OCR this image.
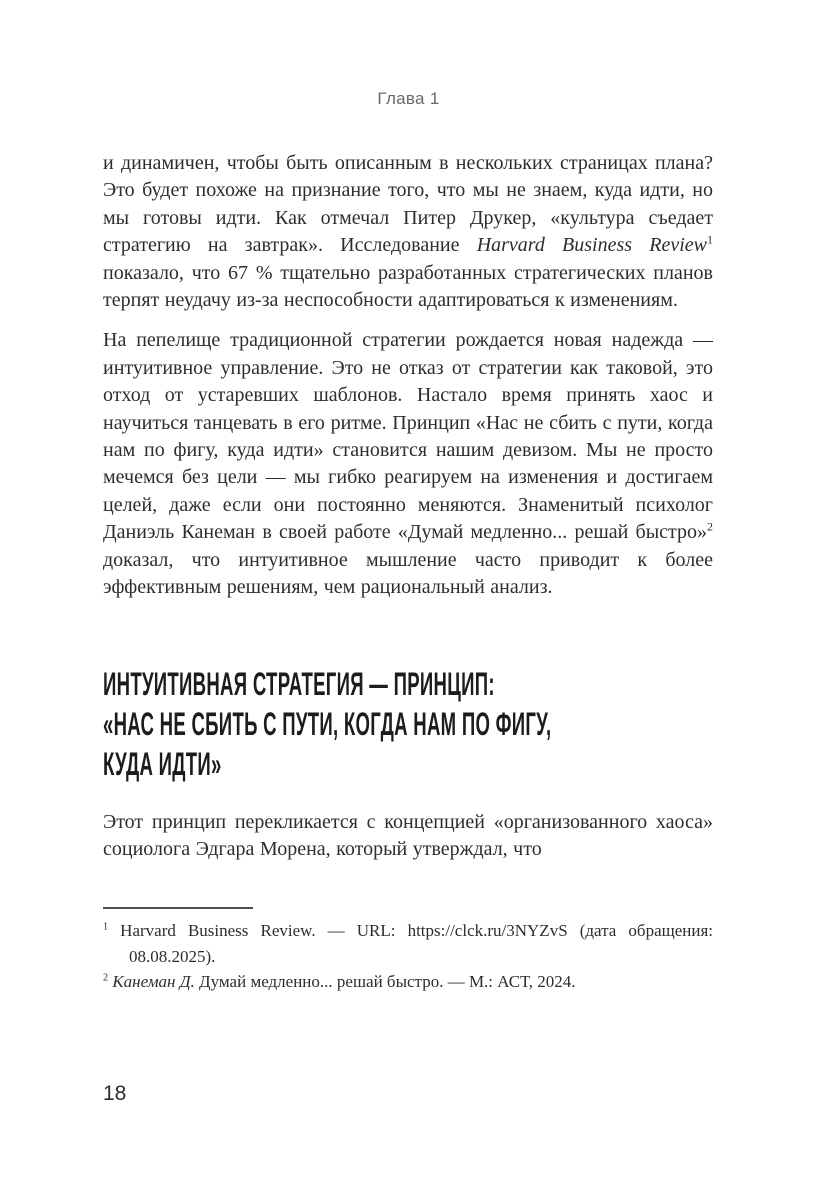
Глава 1

и динамичен, чтобы быть описанным в нескольких страницах плана? Это будет похоже на признание того, что мы не знаем, куда идти, но мы готовы идти. Как отмечал Питер Друкер, «культура съедает стратегию на завтрак». Исследование Harvard Business Review$^1$ показало, что 67 % тщательно разработанных стратегических планов терпят неудачу из-за неспособности адаптироваться к изменениям.

На пепелище традиционной стратегии рождается новая надежда — интуитивное управление. Это не отказ от стратегии как таковой, это отход от устаревших шаблонов. Настало время принять хаос и научиться танцевать в его ритме. Принцип «Нас не сбить с пути, когда нам по фигу, куда идти» становится нашим девизом. Мы не просто мечемся без цели — мы гибко реагируем на изменения и достигаем целей, даже если они постоянно меняются. Знаменитый психолог Даниэль Канеман в своей работе «Думай медленно... решай быстро»$^2$ доказал, что интуитивное мышление часто приводит к более эффективным решениям, чем рациональный анализ.

ИНТУИТИВНАЯ СТРАТЕГИЯ — ПРИНЦИП:
«НАС НЕ СБИТЬ С ПУТИ, КОГДА НАМ ПО ФИГУ,
КУДА ИДТИ»

Этот принцип перекликается с концепцией «организованного хаоса» социолога Эдгара Морена, который утверждал, что

$^1$ Harvard Business Review. — URL: https://clck.ru/3NYZvS (дата обращения: 08.08.2025).
$^2$ Канеман Д. Думай медленно... решай быстро. — М.: АСТ, 2024.
18
